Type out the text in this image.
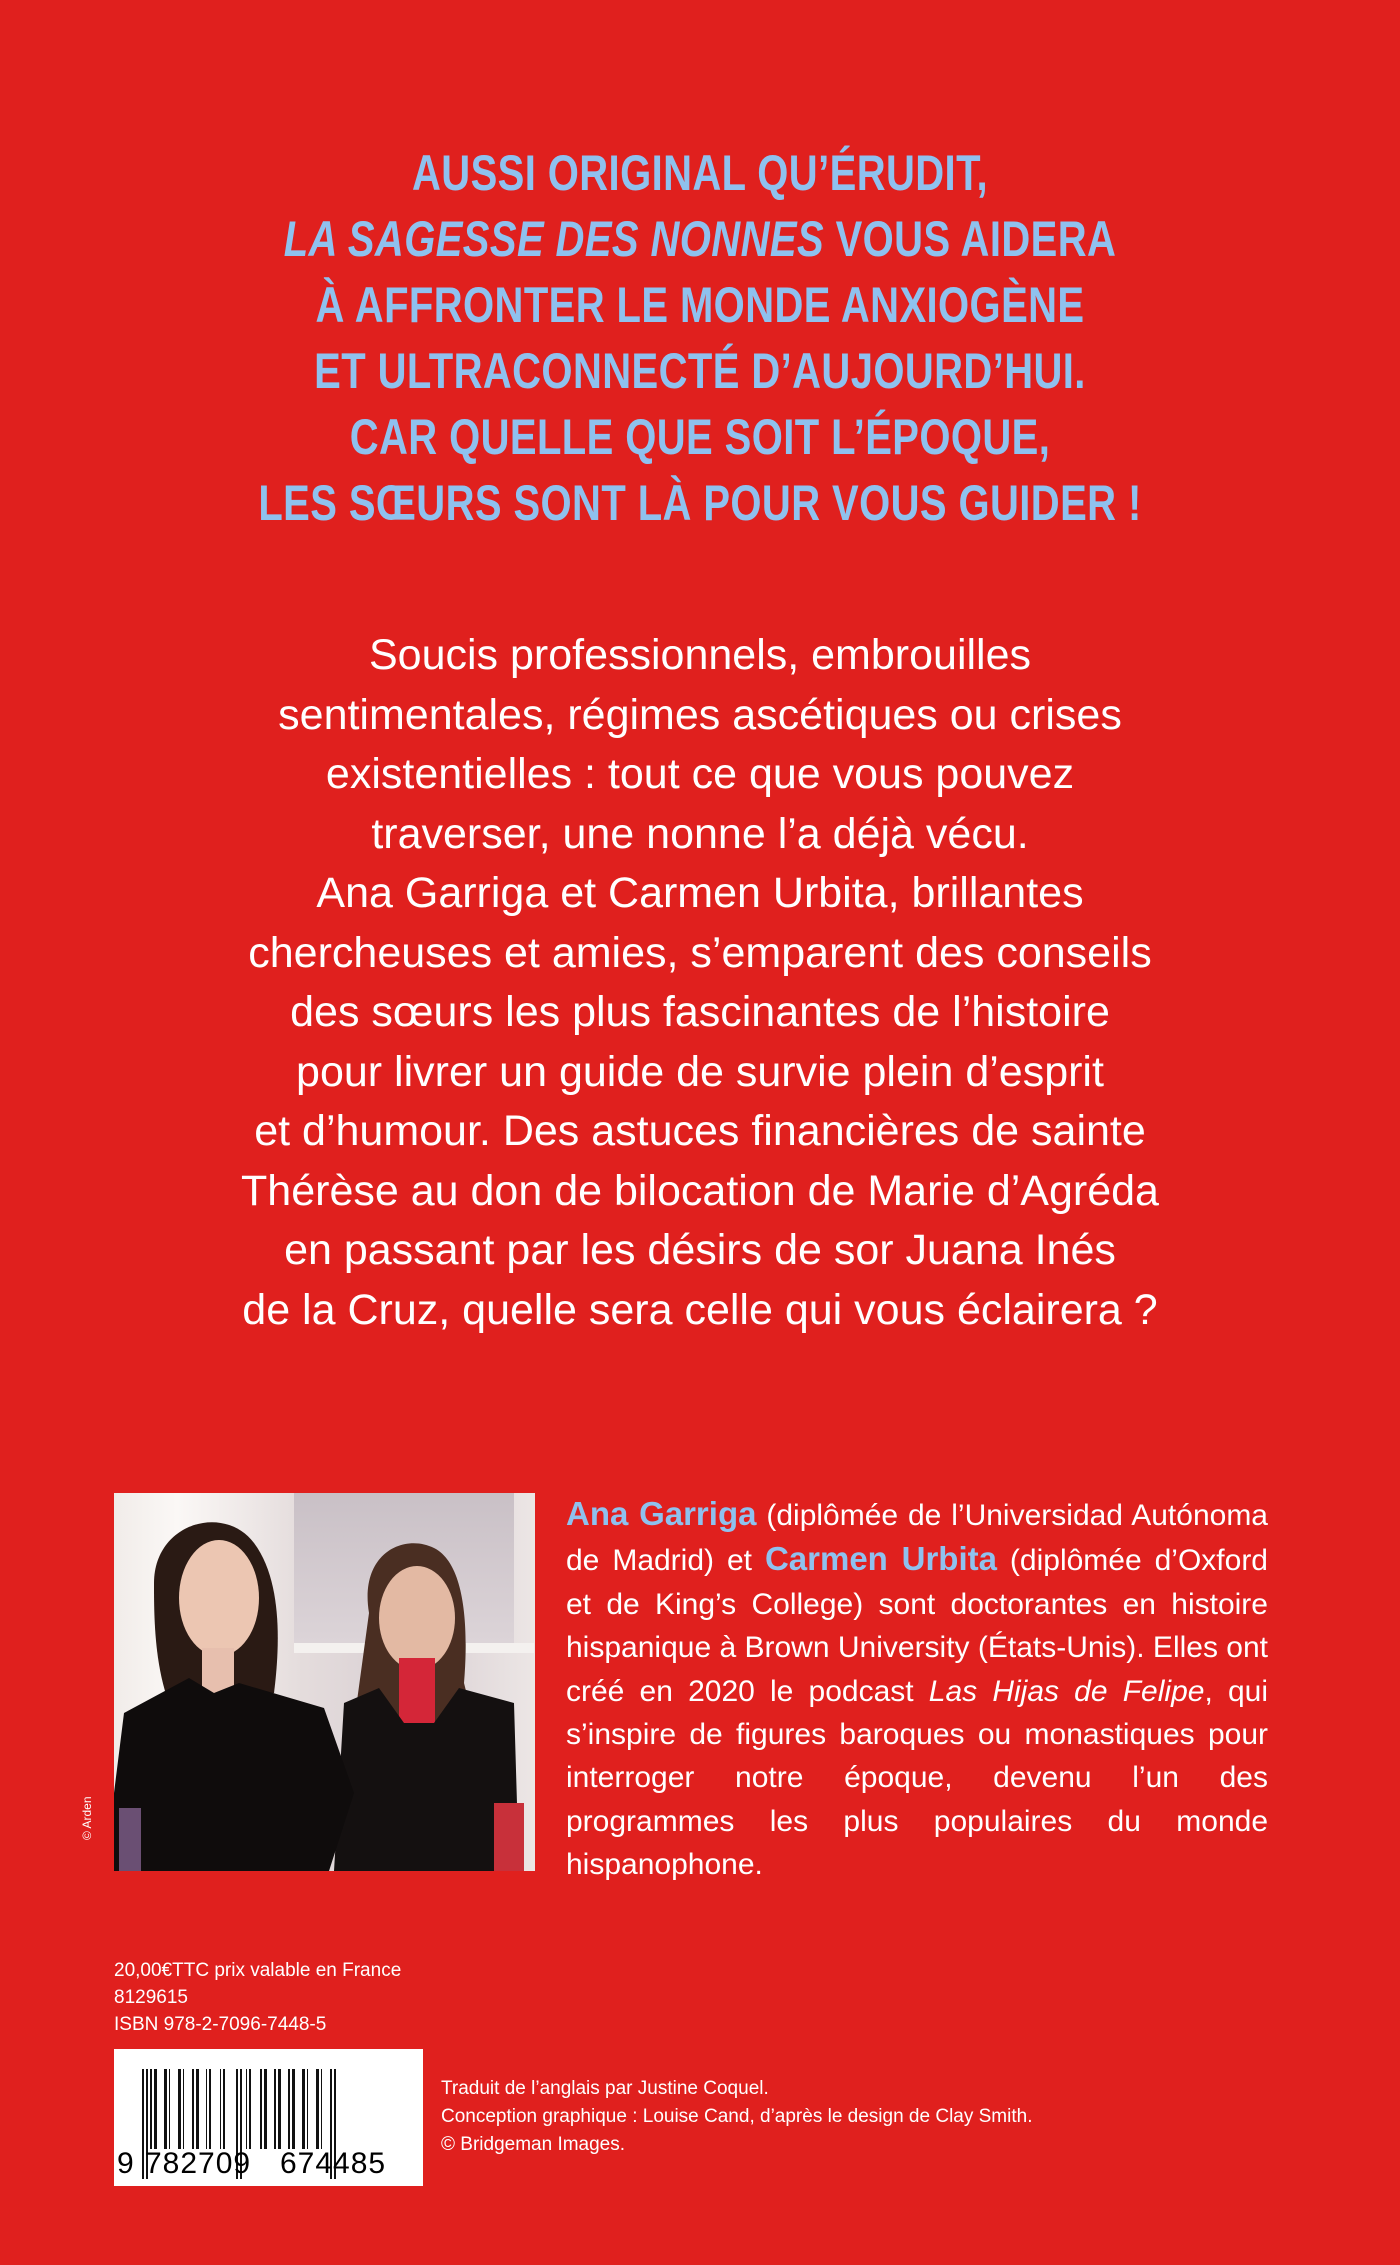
AUSSI ORIGINAL QU’ÉRUDIT,
LA SAGESSE DES NONNES VOUS AIDERA
À AFFRONTER LE MONDE ANXIOGÈNE
ET ULTRACONNECTÉ D’AUJOURD’HUI.
CAR QUELLE QUE SOIT L’ÉPOQUE,
LES SŒURS SONT LÀ POUR VOUS GUIDER !
Soucis professionnels, embrouilles
sentimentales, régimes ascétiques ou crises
existentielles : tout ce que vous pouvez
traverser, une nonne l’a déjà vécu.
Ana Garriga et Carmen Urbita, brillantes
chercheuses et amies, s’emparent des conseils
des sœurs les plus fascinantes de l’histoire
pour livrer un guide de survie plein d’esprit
et d’humour. Des astuces financières de sainte
Thérèse au don de bilocation de Marie d’Agréda
en passant par les désirs de sor Juana Inés
de la Cruz, quelle sera celle qui vous éclairera ?
© Arden
Ana Garriga (diplômée de l’Universidad Autónoma de Madrid) et Carmen Urbita (diplômée d’Oxford et de King’s College) sont doctorantes en histoire hispanique à Brown University (États-Unis). Elles ont créé en 2020 le podcast Las Hijas de Felipe, qui s’inspire de figures baroques ou monastiques pour interroger notre époque, devenu l’un des programmes les plus populaires du monde hispanophone.
20,00€TTC prix valable en France
8129615
ISBN 978-2-7096-7448-5
9 782709 674485
Traduit de l’anglais par Justine Coquel.
Conception graphique : Louise Cand, d’après le design de Clay Smith.
© Bridgeman Images.
